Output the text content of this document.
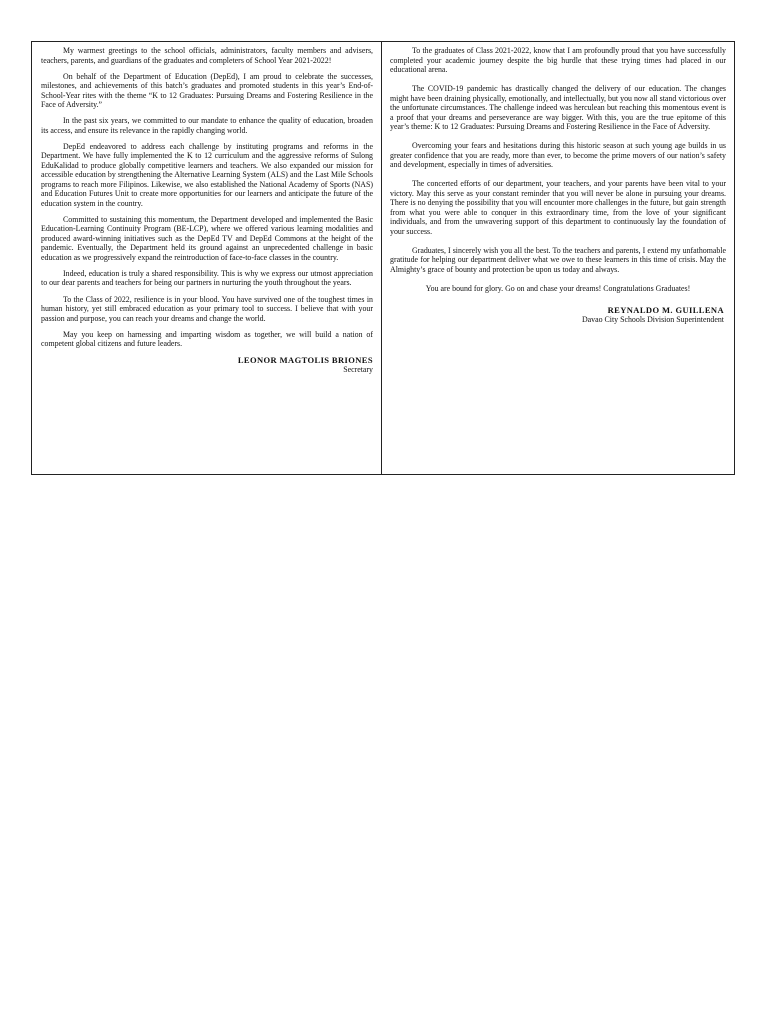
My warmest greetings to the school officials, administrators, faculty members and advisers, teachers, parents, and guardians of the graduates and completers of School Year 2021-2022!

On behalf of the Department of Education (DepEd), I am proud to celebrate the successes, milestones, and achievements of this batch’s graduates and promoted students in this year’s End-of-School-Year rites with the theme “K to 12 Graduates: Pursuing Dreams and Fostering Resilience in the Face of Adversity.”

In the past six years, we committed to our mandate to enhance the quality of education, broaden its access, and ensure its relevance in the rapidly changing world.

DepEd endeavored to address each challenge by instituting programs and reforms in the Department. We have fully implemented the K to 12 curriculum and the aggressive reforms of Sulong EduKalidad to produce globally competitive learners and teachers. We also expanded our mission for accessible education by strengthening the Alternative Learning System (ALS) and the Last Mile Schools programs to reach more Filipinos. Likewise, we also established the National Academy of Sports (NAS) and Education Futures Unit to create more opportunities for our learners and anticipate the future of the education system in the country.

Committed to sustaining this momentum, the Department developed and implemented the Basic Education-Learning Continuity Program (BE-LCP), where we offered various learning modalities and produced award-winning initiatives such as the DepEd TV and DepEd Commons at the height of the pandemic. Eventually, the Department held its ground against an unprecedented challenge in basic education as we progressively expand the reintroduction of face-to-face classes in the country.

Indeed, education is truly a shared responsibility. This is why we express our utmost appreciation to our dear parents and teachers for being our partners in nurturing the youth throughout the years.

To the Class of 2022, resilience is in your blood. You have survived one of the toughest times in human history, yet still embraced education as your primary tool to success. I believe that with your passion and purpose, you can reach your dreams and change the world.

May you keep on harnessing and imparting wisdom as together, we will build a nation of competent global citizens and future leaders.

LEONOR MAGTOLIS BRIONES
Secretary

To the graduates of Class 2021-2022, know that I am profoundly proud that you have successfully completed your academic journey despite the big hurdle that these trying times had placed in our educational arena.

The COVID-19 pandemic has drastically changed the delivery of our education. The changes might have been draining physically, emotionally, and intellectually, but you now all stand victorious over the unfortunate circumstances. The challenge indeed was herculean but reaching this momentous event is a proof that your dreams and perseverance are way bigger. With this, you are the true epitome of this year’s theme: K to 12 Graduates: Pursuing Dreams and Fostering Resilience in the Face of Adversity.

Overcoming your fears and hesitations during this historic season at such young age builds in us greater confidence that you are ready, more than ever, to become the prime movers of our nation’s safety and development, especially in times of adversities.

The concerted efforts of our department, your teachers, and your parents have been vital to your victory. May this serve as your constant reminder that you will never be alone in pursuing your dreams. There is no denying the possibility that you will encounter more challenges in the future, but gain strength from what you were able to conquer in this extraordinary time, from the love of your significant individuals, and from the unwavering support of this department to continuously lay the foundation of your success.

Graduates, I sincerely wish you all the best. To the teachers and parents, I extend my unfathomable gratitude for helping our department deliver what we owe to these learners in this time of crisis. May the Almighty’s grace of bounty and protection be upon us today and always.

You are bound for glory. Go on and chase your dreams! Congratulations Graduates!

REYNALDO M. GUILLENA
Davao City Schools Division Superintendent
